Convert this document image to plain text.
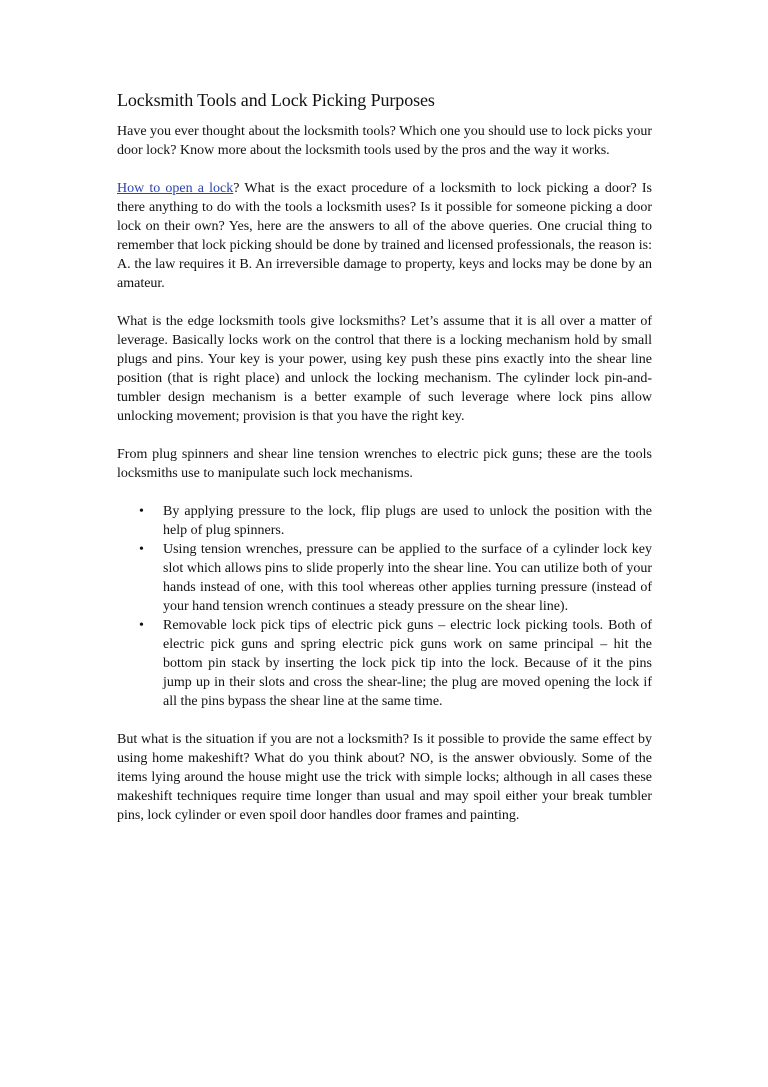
Locksmith Tools and Lock Picking Purposes

Have you ever thought about the locksmith tools? Which one you should use to lock picks your door lock? Know more about the locksmith tools used by the pros and the way it works.

How to open a lock? What is the exact procedure of a locksmith to lock picking a door? Is there anything to do with the tools a locksmith uses? Is it possible for someone picking a door lock on their own? Yes, here are the answers to all of the above queries. One crucial thing to remember that lock picking should be done by trained and licensed professionals, the reason is: A. the law requires it B. An irreversible damage to property, keys and locks may be done by an amateur.

What is the edge locksmith tools give locksmiths? Let’s assume that it is all over a matter of leverage. Basically locks work on the control that there is a locking mechanism hold by small plugs and pins. Your key is your power, using key push these pins exactly into the shear line position (that is right place) and unlock the locking mechanism. The cylinder lock pin-and-tumbler design mechanism is a better example of such leverage where lock pins allow unlocking movement; provision is that you have the right key.

From plug spinners and shear line tension wrenches to electric pick guns; these are the tools locksmiths use to manipulate such lock mechanisms.

• By applying pressure to the lock, flip plugs are used to unlock the position with the help of plug spinners.
• Using tension wrenches, pressure can be applied to the surface of a cylinder lock key slot which allows pins to slide properly into the shear line. You can utilize both of your hands instead of one, with this tool whereas other applies turning pressure (instead of your hand tension wrench continues a steady pressure on the shear line).
• Removable lock pick tips of electric pick guns – electric lock picking tools. Both of electric pick guns and spring electric pick guns work on same principal – hit the bottom pin stack by inserting the lock pick tip into the lock. Because of it the pins jump up in their slots and cross the shear-line; the plug are moved opening the lock if all the pins bypass the shear line at the same time.

But what is the situation if you are not a locksmith? Is it possible to provide the same effect by using home makeshift? What do you think about? NO, is the answer obviously. Some of the items lying around the house might use the trick with simple locks; although in all cases these makeshift techniques require time longer than usual and may spoil either your break tumbler pins, lock cylinder or even spoil door handles door frames and painting.
